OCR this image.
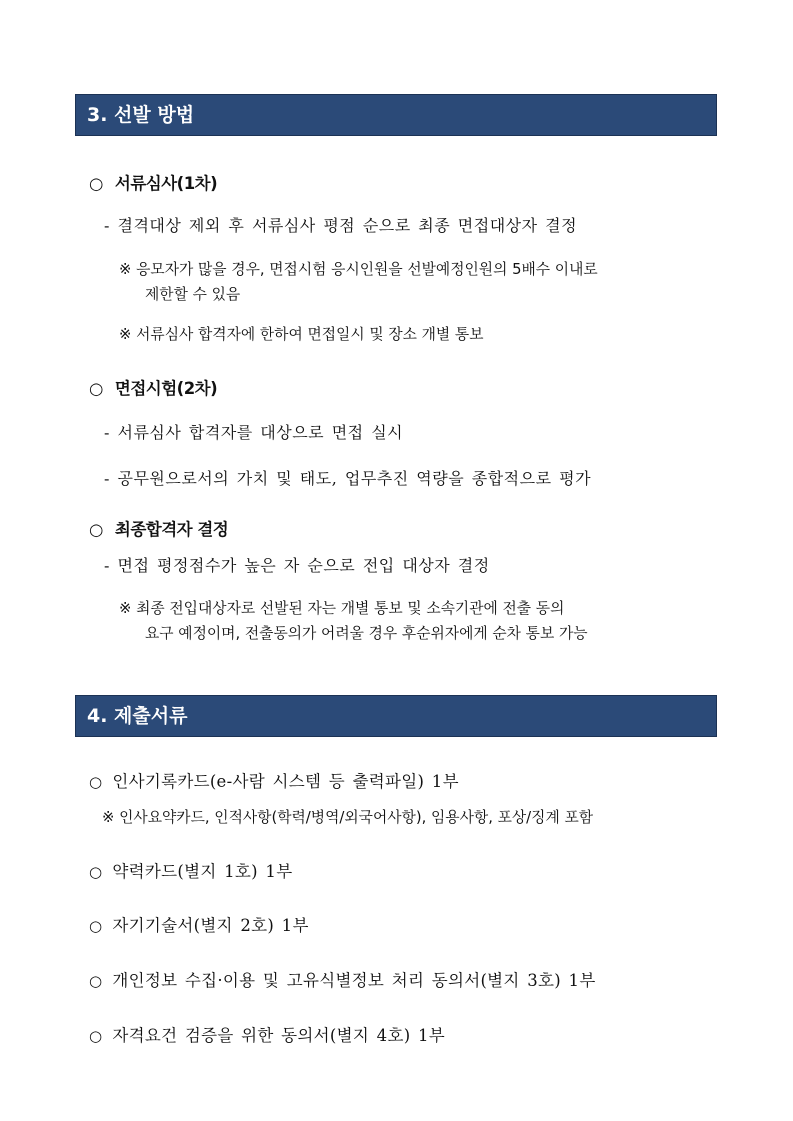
3. 선발 방법
○ 서류심사(1차)
- 결격대상 제외 후 서류심사 평점 순으로 최종 면접대상자 결정
※ 응모자가 많을 경우, 면접시험 응시인원을 선발예정인원의 5배수 이내로
제한할 수 있음
※ 서류심사 합격자에 한하여 면접일시 및 장소 개별 통보
○ 면접시험(2차)
- 서류심사 합격자를 대상으로 면접 실시
- 공무원으로서의 가치 및 태도, 업무추진 역량을 종합적으로 평가
○ 최종합격자 결정
- 면접 평정점수가 높은 자 순으로 전입 대상자 결정
※ 최종 전입대상자로 선발된 자는 개별 통보 및 소속기관에 전출 동의
요구 예정이며, 전출동의가 어려울 경우 후순위자에게 순차 통보 가능
4. 제출서류
○ 인사기록카드(e-사람 시스템 등 출력파일) 1부
※ 인사요약카드, 인적사항(학력/병역/외국어사항), 임용사항, 포상/징계 포함
○ 약력카드(별지 1호) 1부
○ 자기기술서(별지 2호) 1부
○ 개인정보 수집·이용 및 고유식별정보 처리 동의서(별지 3호) 1부
○ 자격요건 검증을 위한 동의서(별지 4호) 1부
